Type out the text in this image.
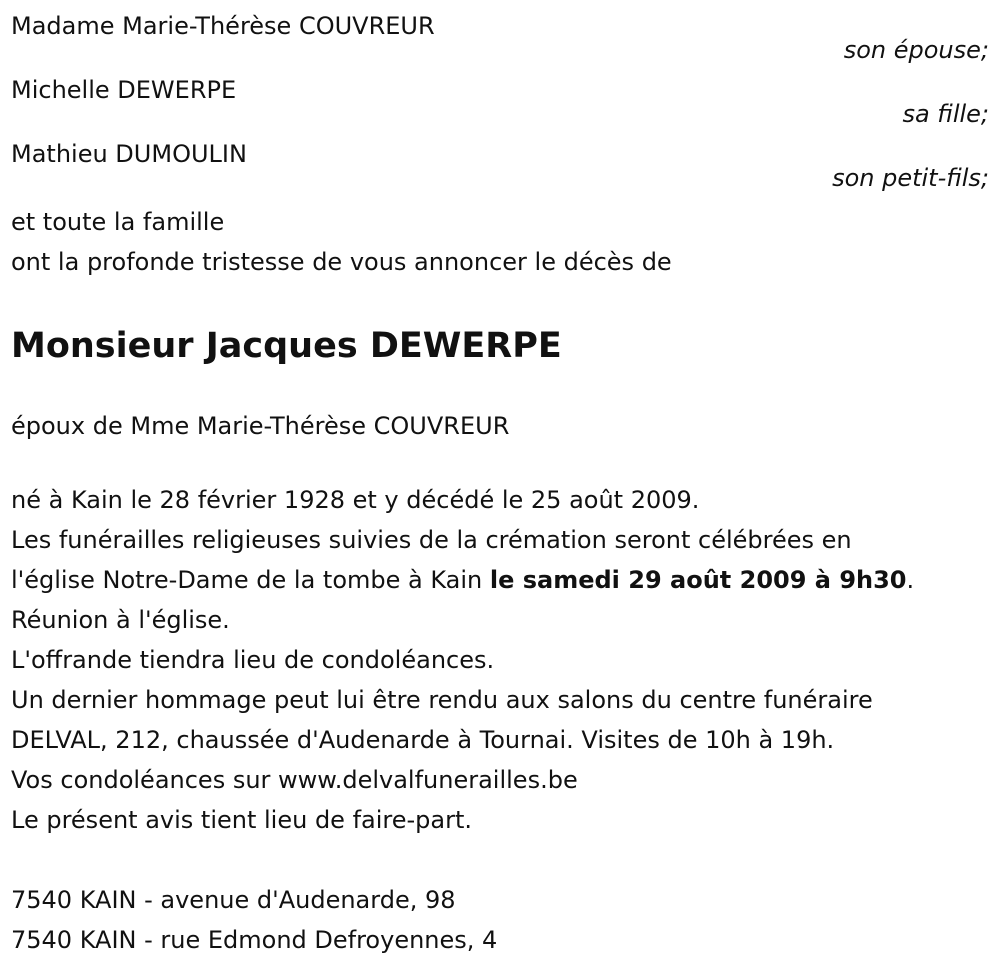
Madame Marie-Thérèse COUVREUR
son épouse;
Michelle DEWERPE
sa fille;
Mathieu DUMOULIN
son petit-fils;
et toute la famille
ont la profonde tristesse de vous annoncer le décès de
Monsieur Jacques DEWERPE
époux de Mme Marie-Thérèse COUVREUR
né à Kain le 28 février 1928 et y décédé le 25 août 2009.
Les funérailles religieuses suivies de la crémation seront célébrées en
l'église Notre-Dame de la tombe à Kain le samedi 29 août 2009 à 9h30.
Réunion à l'église.
L'offrande tiendra lieu de condoléances.
Un dernier hommage peut lui être rendu aux salons du centre funéraire
DELVAL, 212, chaussée d'Audenarde à Tournai. Visites de 10h à 19h.
Vos condoléances sur www.delvalfunerailles.be
Le présent avis tient lieu de faire-part.
7540 KAIN - avenue d'Audenarde, 98
7540 KAIN - rue Edmond Defroyennes, 4
